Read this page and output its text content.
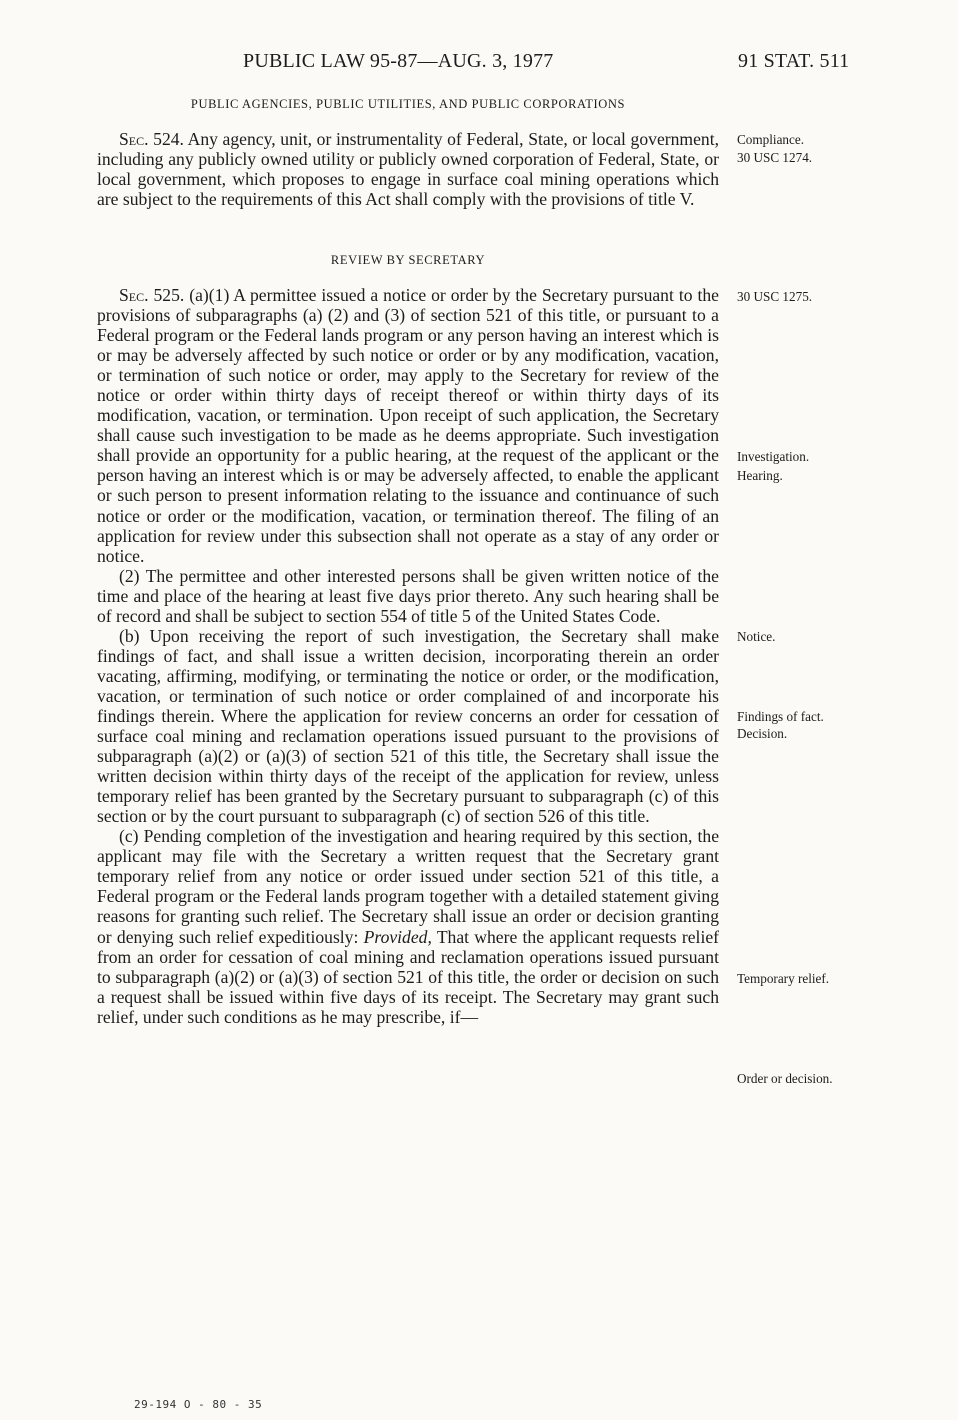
PUBLIC LAW 95-87—AUG. 3, 1977	91 STAT. 511
PUBLIC AGENCIES, PUBLIC UTILITIES, AND PUBLIC CORPORATIONS

Sec. 524. Any agency, unit, or instrumentality of Federal, State, or local government, including any publicly owned utility or publicly owned corporation of Federal, State, or local government, which proposes to engage in surface coal mining operations which are subject to the requirements of this Act shall comply with the provisions of title V.

REVIEW BY SECRETARY

Sec. 525. (a)(1) A permittee issued a notice or order by the Secretary pursuant to the provisions of subparagraphs (a) (2) and (3) of section 521 of this title, or pursuant to a Federal program or the Federal lands program or any person having an interest which is or may be adversely affected by such notice or order or by any modification, vacation, or termination of such notice or order, may apply to the Secretary for review of the notice or order within thirty days of receipt thereof or within thirty days of its modification, vacation, or termination. Upon receipt of such application, the Secretary shall cause such investigation to be made as he deems appropriate. Such investigation shall provide an opportunity for a public hearing, at the request of the applicant or the person having an interest which is or may be adversely affected, to enable the applicant or such person to present information relating to the issuance and continuance of such notice or order or the modification, vacation, or termination thereof. The filing of an application for review under this subsection shall not operate as a stay of any order or notice.

(2) The permittee and other interested persons shall be given written notice of the time and place of the hearing at least five days prior thereto. Any such hearing shall be of record and shall be subject to section 554 of title 5 of the United States Code.

(b) Upon receiving the report of such investigation, the Secretary shall make findings of fact, and shall issue a written decision, incorporating therein an order vacating, affirming, modifying, or terminating the notice or order, or the modification, vacation, or termination of such notice or order complained of and incorporate his findings therein. Where the application for review concerns an order for cessation of surface coal mining and reclamation operations issued pursuant to the provisions of subparagraph (a)(2) or (a)(3) of section 521 of this title, the Secretary shall issue the written decision within thirty days of the receipt of the application for review, unless temporary relief has been granted by the Secretary pursuant to subparagraph (c) of this section or by the court pursuant to subparagraph (c) of section 526 of this title.

(c) Pending completion of the investigation and hearing required by this section, the applicant may file with the Secretary a written request that the Secretary grant temporary relief from any notice or order issued under section 521 of this title, a Federal program or the Federal lands program together with a detailed statement giving reasons for granting such relief. The Secretary shall issue an order or decision granting or denying such relief expeditiously: Provided, That where the applicant requests relief from an order for cessation of coal mining and reclamation operations issued pursuant to subparagraph (a)(2) or (a)(3) of section 521 of this title, the order or decision on such a request shall be issued within five days of its receipt. The Secretary may grant such relief, under such conditions as he may prescribe, if—

Compliance.
30 USC 1274.
30 USC 1275.
Investigation.
Hearing.
Notice.
Findings of fact.
Decision.
Temporary relief.
Order or decision.
29-194 O - 80 - 35
